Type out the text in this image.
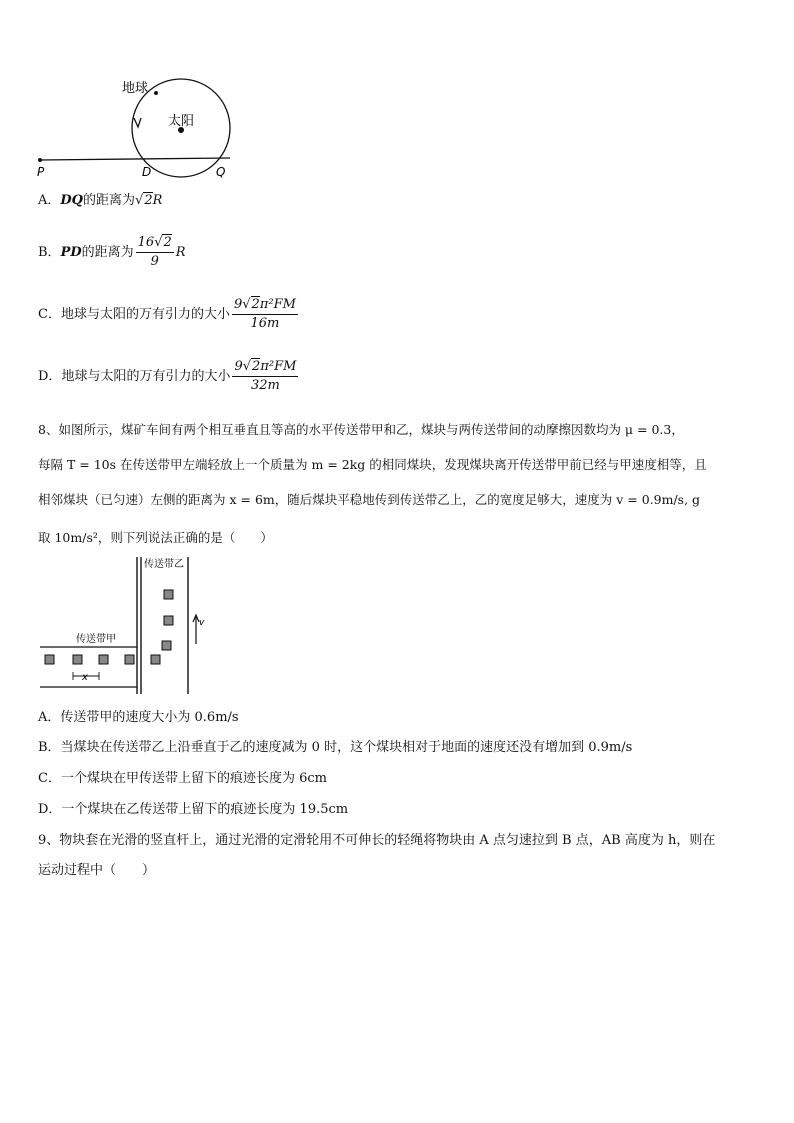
地球
太阳
P	D	Q
A． DQ 的距离为 √2 R
B． PD 的距离为 $\frac{16√2}{9}$ R
C． 地球与太阳的万有引力的大小 $\frac{\text{9√2π²FM}}{16m}$
D． 地球与太阳的万有引力的大小 $\frac{\text{9√2π²FM}}{32m}$
8、如图所示，煤矿车间有两个相互垂直且等高的水平传送带甲和乙，煤块与两传送带间的动摩擦因数均为 μ = 0.3，
每隔 T = 10s 在传送带甲左端轻放上一个质量为 m = 2kg 的相同煤块，发现煤块离开传送带甲前已经与甲速度相等，且
相邻煤块（已匀速）左侧的距离为 x = 6m，随后煤块平稳地传到传送带乙上，乙的宽度足够大，速度为 v = 0.9m/s, g
取 10m/s²，则下列说法正确的是（　　）
x
v
传送带甲
传送带乙
A．传送带甲的速度大小为 0.6m/s
B．当煤块在传送带乙上沿垂直于乙的速度减为 0 时，这个煤块相对于地面的速度还没有增加到 0.9m/s
C．一个煤块在甲传送带上留下的痕迹长度为 6cm
D．一个煤块在乙传送带上留下的痕迹长度为 19.5cm
9、物块套在光滑的竖直杆上，通过光滑的定滑轮用不可伸长的轻绳将物块由 A 点匀速拉到 B 点，AB 高度为 h，则在
运动过程中（　　）
